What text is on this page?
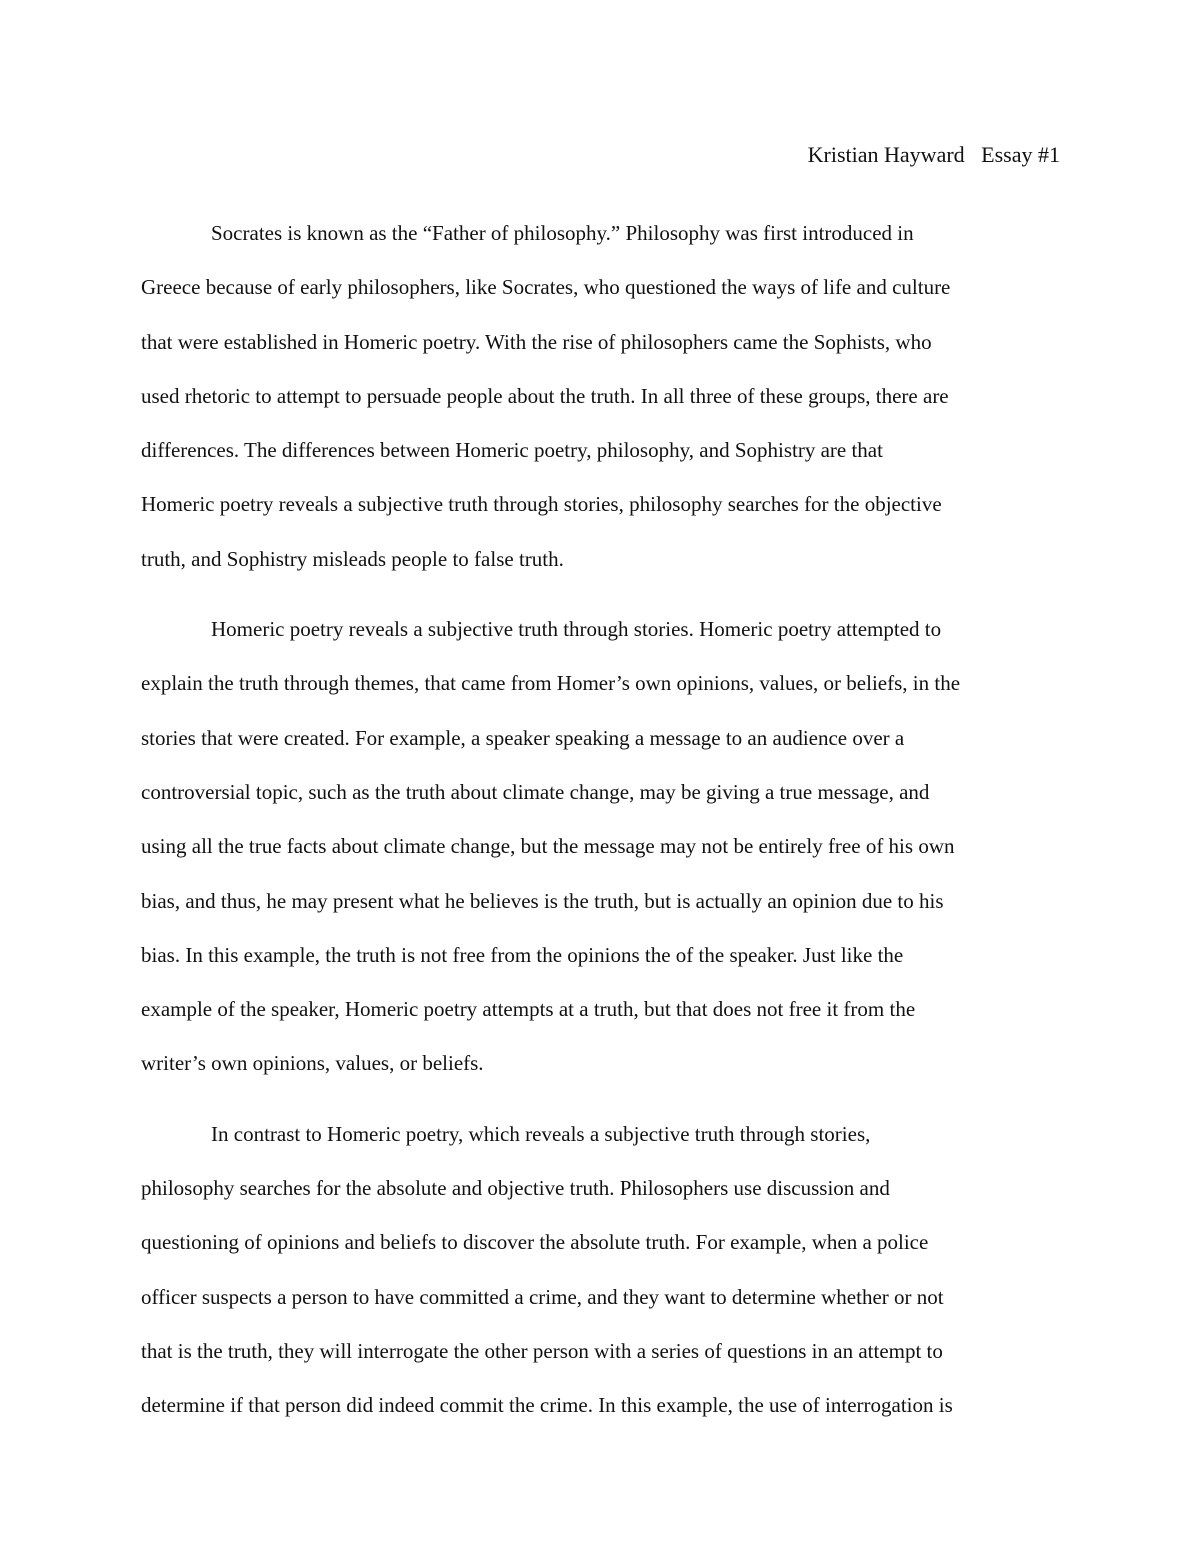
Kristian Hayward Essay #1
Socrates is known as the “Father of philosophy.” Philosophy was first introduced in
Greece because of early philosophers, like Socrates, who questioned the ways of life and culture
that were established in Homeric poetry. With the rise of philosophers came the Sophists, who
used rhetoric to attempt to persuade people about the truth. In all three of these groups, there are
differences. The differences between Homeric poetry, philosophy, and Sophistry are that
Homeric poetry reveals a subjective truth through stories, philosophy searches for the objective
truth, and Sophistry misleads people to false truth.
Homeric poetry reveals a subjective truth through stories. Homeric poetry attempted to
explain the truth through themes, that came from Homer’s own opinions, values, or beliefs, in the
stories that were created. For example, a speaker speaking a message to an audience over a
controversial topic, such as the truth about climate change, may be giving a true message, and
using all the true facts about climate change, but the message may not be entirely free of his own
bias, and thus, he may present what he believes is the truth, but is actually an opinion due to his
bias. In this example, the truth is not free from the opinions the of the speaker. Just like the
example of the speaker, Homeric poetry attempts at a truth, but that does not free it from the
writer’s own opinions, values, or beliefs.
In contrast to Homeric poetry, which reveals a subjective truth through stories,
philosophy searches for the absolute and objective truth. Philosophers use discussion and
questioning of opinions and beliefs to discover the absolute truth. For example, when a police
officer suspects a person to have committed a crime, and they want to determine whether or not
that is the truth, they will interrogate the other person with a series of questions in an attempt to
determine if that person did indeed commit the crime. In this example, the use of interrogation is
